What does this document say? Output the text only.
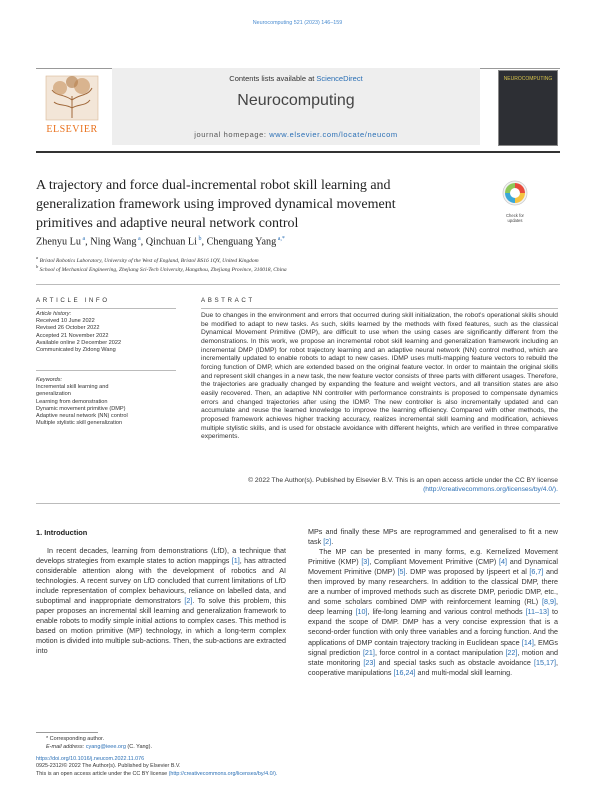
Neurocomputing 521 (2023) 146–159
ELSEVIER
Contents lists available at ScienceDirect
Neurocomputing
journal homepage: www.elsevier.com/locate/neucom
NEUROCOMPUTING
A trajectory and force dual-incremental robot skill learning and
generalization framework using improved dynamical movement
primitives and adaptive neural network control
Check for
updates
Zhenyu Lu $^a$, Ning Wang $^a$, Qinchuan Li $^b$, Chenguang Yang $^{a,*}$
$^a$ Bristol Robotics Laboratory, University of the West of England, Bristol BS16 1QY, United Kingdom
$^b$ School of Mechanical Engineering, Zhejiang Sci-Tech University, Hangzhou, Zhejiang Province, 310018, China
ARTICLE INFO
Article history:
Received 10 June 2022
Revised 26 October 2022
Accepted 21 November 2022
Available online 2 December 2022
Communicated by Zidong Wang
Keywords:
Incremental skill learning and
generalization
Learning from demonstration
Dynamic movement primitive (DMP)
Adaptive neural network (NN) control
Multiple stylistic skill generalization
ABSTRACT
Due to changes in the environment and errors that occurred during skill initialization, the robot's operational skills should be modified to adapt to new tasks. As such, skills learned by the methods with fixed features, such as the classical Dynamical Movement Primitive (DMP), are difficult to use when the using cases are significantly different from the demonstrations. In this work, we propose an incremental robot skill learning and generalization framework including an incremental DMP (IDMP) for robot trajectory learning and an adaptive neural network (NN) control method, which are incrementally updated to enable robots to adapt to new cases. IDMP uses multi-mapping feature vectors to rebuild the forcing function of DMP, which are extended based on the original feature vector. In order to maintain the original skills and represent skill changes in a new task, the new feature vector consists of three parts with different usages. Therefore, the trajectories are gradually changed by expanding the feature and weight vectors, and all transition states are also easily recovered. Then, an adaptive NN controller with performance constraints is proposed to compensate dynamics errors and changed trajectories after using the IDMP. The new controller is also incrementally updated and can accumulate and reuse the learned knowledge to improve the learning efficiency. Compared with other methods, the proposed framework achieves higher tracking accuracy, realizes incremental skill learning and modification, achieves multiple stylistic skills, and is used for obstacle avoidance with different heights, which are verified in three comparative experiments.
© 2022 The Author(s). Published by Elsevier B.V. This is an open access article under the CC BY license
(http://creativecommons.org/licenses/by/4.0/).
1. Introduction

In recent decades, learning from demonstrations (LfD), a technique that develops strategies from example states to action mappings [1], has attracted considerable attention along with the development of robotics and AI technologies. A recent survey on LfD concluded that current limitations of LfD include representation of complex behaviours, reliance on labelled data, and suboptimal and inappropriate demonstrators [2]. To solve this problem, this paper proposes an incremental skill learning and generalization framework to enable robots to modify simple initial actions to complex cases. This method is based on motion primitive (MP) technology, in which a long-term complex motion is divided into multiple sub-actions. Then, the sub-actions are extracted into

MPs and finally these MPs are reprogrammed and generalised to fit a new task [2].

The MP can be presented in many forms, e.g. Kernelized Movement Primitive (KMP) [3], Compliant Movement Primitive (CMP) [4] and Dynamical Movement Primitive (DMP) [5]. DMP was proposed by Ijspeert et al [6,7] and then improved by many researchers. In addition to the classical DMP, there are a number of improved methods such as discrete DMP, periodic DMP, etc., and some scholars combined DMP with reinforcement learning (RL) [8,9], deep learning [10], life-long learning and various control methods [11–13] to expand the scope of DMP. DMP has a very concise expression that is a second-order function with only three variables and a forcing function. And the applications of DMP contain trajectory tracking in Euclidean space [14], EMGs signal prediction [21], force control in a contact manipulation [22], motion and state monitoring [23] and special tasks such as obstacle avoidance [15,17], cooperative manipulations [16,24] and multi-modal skill learning.

* Corresponding author.
E-mail address: cyang@ieee.org (C. Yang).
https://doi.org/10.1016/j.neucom.2022.11.076
0925-2312/© 2022 The Author(s). Published by Elsevier B.V.
This is an open access article under the CC BY license (http://creativecommons.org/licenses/by/4.0/).
